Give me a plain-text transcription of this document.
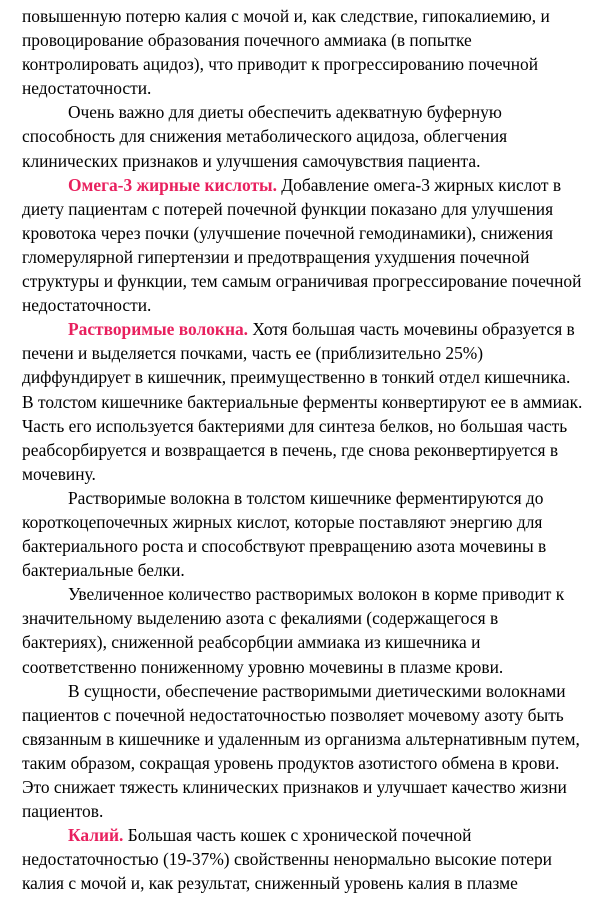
повышенную потерю калия с мочой и, как следствие, гипокалиемию, и провоцирование образования почечного аммиака (в попытке контролировать ацидоз), что приводит к прогрессированию почечной недостаточности.

Очень важно для диеты обеспечить адекватную буферную способность для снижения метаболического ацидоза, облегчения клинических признаков и улучшения самочувствия пациента.

Омега-3 жирные кислоты. Добавление омега-3 жирных кислот в диету пациентам с потерей почечной функции показано для улучшения кровотока через почки (улучшение почечной гемодинамики), снижения гломерулярной гипертензии и предотвращения ухудшения почечной структуры и функции, тем самым ограничивая прогрессирование почечной недостаточности.

Растворимые волокна. Хотя большая часть мочевины образуется в печени и выделяется почками, часть ее (приблизительно 25%) диффундирует в кишечник, преимущественно в тонкий отдел кишечника. В толстом кишечнике бактериальные ферменты конвертируют ее в аммиак. Часть его используется бактериями для синтеза белков, но большая часть реабсорбируется и возвращается в печень, где снова реконвертируется в мочевину.

Растворимые волокна в толстом кишечнике ферментируются до короткоцепочечных жирных кислот, которые поставляют энергию для бактериального роста и способствуют превращению азота мочевины в бактериальные белки.

Увеличенное количество растворимых волокон в корме приводит к значительному выделению азота с фекалиями (содержащегося в бактериях), сниженной реабсорбции аммиака из кишечника и соответственно пониженному уровню мочевины в плазме крови.

В сущности, обеспечение растворимыми диетическими волокнами пациентов с почечной недостаточностью позволяет мочевому азоту быть связанным в кишечнике и удаленным из организма альтернативным путем, таким образом, сокращая уровень продуктов азотистого обмена в крови. Это снижает тяжесть клинических признаков и улучшает качество жизни пациентов.

Калий. Большая часть кошек с хронической почечной недостаточностью (19-37%) свойственны ненормально высокие потери калия с мочой и, как результат, сниженный уровень калия в плазме
